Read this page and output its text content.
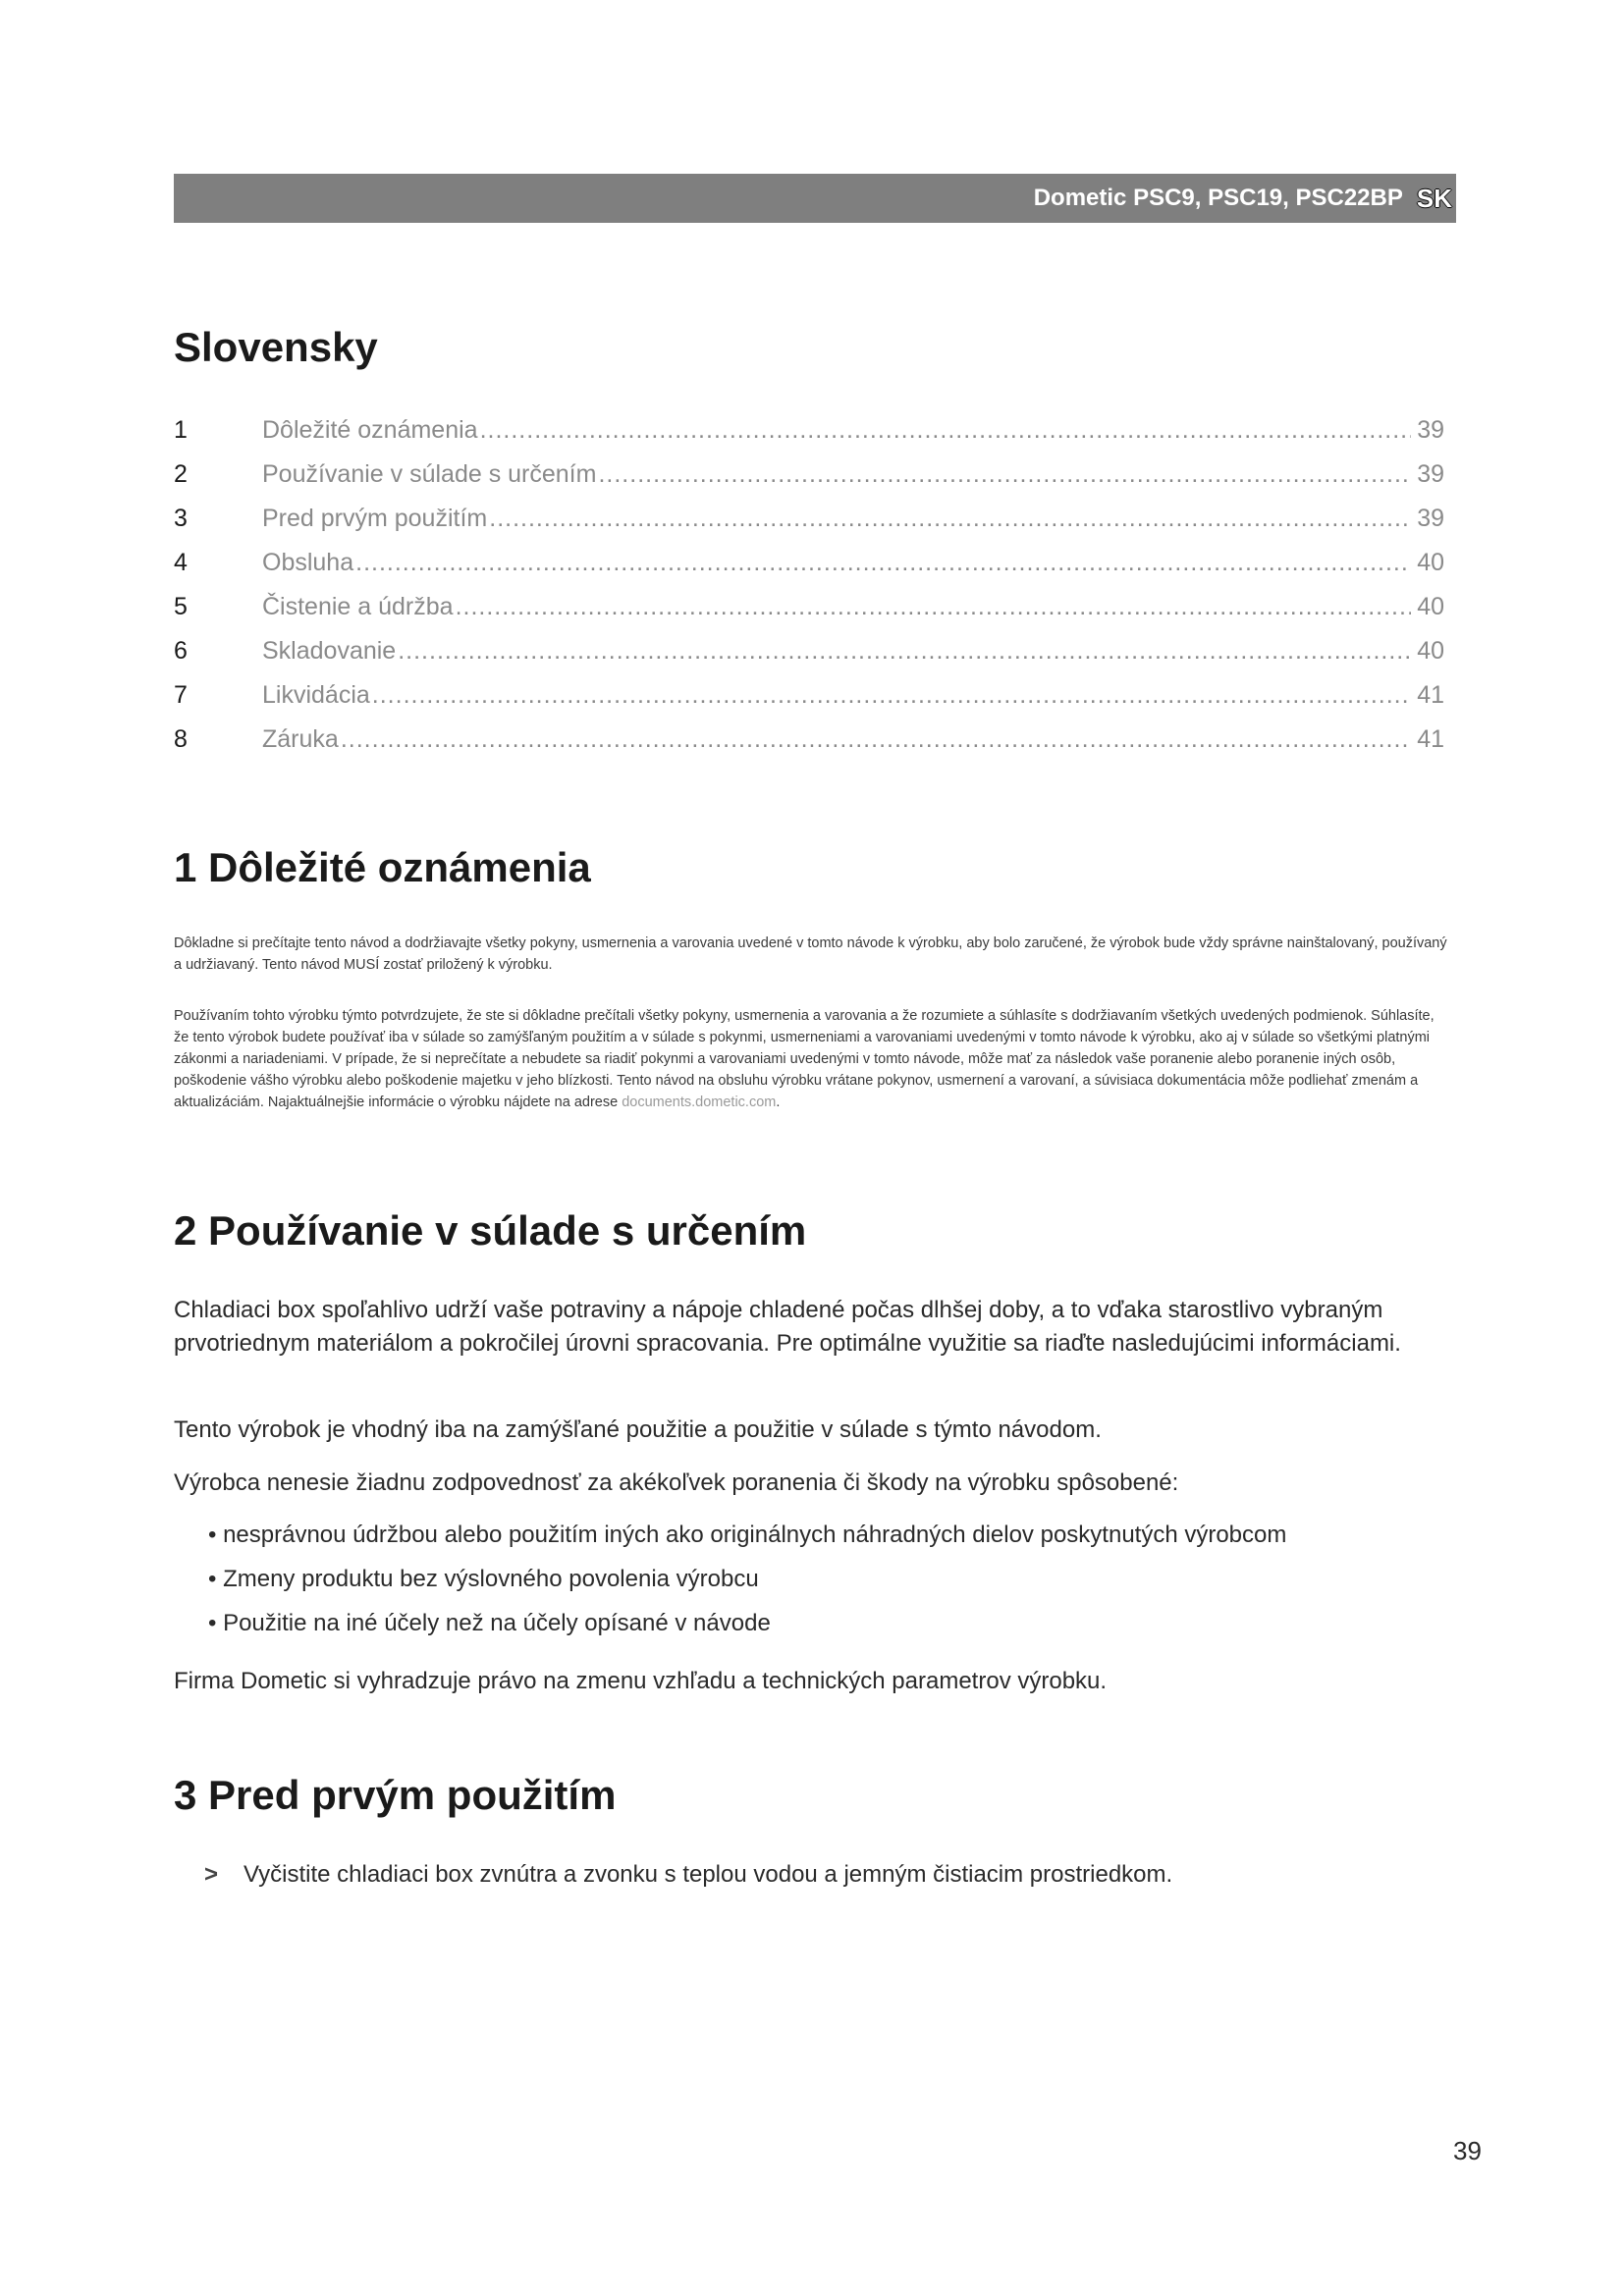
Dometic PSC9, PSC19, PSC22BP SK
Slovensky
1	Dôležité oznámenia .....	39
2	Používanie v súlade s určením .....	39
3	Pred prvým použitím .....	39
4	Obsluha .....	40
5	Čistenie a údržba .....	40
6	Skladovanie .....	40
7	Likvidácia .....	41
8	Záruka .....	41
1 Dôležité oznámenia

Dôkladne si prečítajte tento návod a dodržiavajte všetky pokyny, usmernenia a varovania uvedené v tomto návode k výrobku, aby bolo zaručené, že výrobok bude vždy správne nainštalovaný, používaný a udržiavaný. Tento návod MUSÍ zostať priložený k výrobku.

Používaním tohto výrobku týmto potvrdzujete, že ste si dôkladne prečítali všetky pokyny, usmernenia a varovania a že rozumiete a súhlasíte s dodržiavaním všetkých uvedených podmienok. Súhlasíte, že tento výrobok budete používať iba v súlade so zamýšľaným použitím a v súlade s pokynmi, usmerneniami a varovaniami uvedenými v tomto návode k výrobku, ako aj v súlade so všetkými platnými zákonmi a nariadeniami. V prípade, že si neprečítate a nebudete sa riadiť pokynmi a varovaniami uvedenými v tomto návode, môže mať za následok vaše poranenie alebo poranenie iných osôb, poškodenie vášho výrobku alebo poškodenie majetku v jeho blízkosti. Tento návod na obsluhu výrobku vrátane pokynov, usmernení a varovaní, a súvisiaca dokumentácia môže podliehať zmenám a aktualizáciám. Najaktuálnejšie informácie o výrobku nájdete na adrese documents.dometic.com.

2 Používanie v súlade s určením

Chladiaci box spoľahlivo udrží vaše potraviny a nápoje chladené počas dlhšej doby, a to vďaka starostlivo vybraným prvotriednym materiálom a pokročilej úrovni spracovania. Pre optimálne využitie sa riaďte nasledujúcimi informáciami.

Tento výrobok je vhodný iba na zamýšľané použitie a použitie v súlade s týmto návodom.

Výrobca nenesie žiadnu zodpovednosť za akékoľvek poranenia či škody na výrobku spôsobené:

• nesprávnou údržbou alebo použitím iných ako originálnych náhradných dielov poskytnutých výrobcom
• Zmeny produktu bez výslovného povolenia výrobcu
• Použitie na iné účely než na účely opísané v návode

Firma Dometic si vyhradzuje právo na zmenu vzhľadu a technických parametrov výrobku.

3 Pred prvým použitím
>	Vyčistite chladiaci box zvnútra a zvonku s teplou vodou a jemným čistiacim prostriedkom.
39
